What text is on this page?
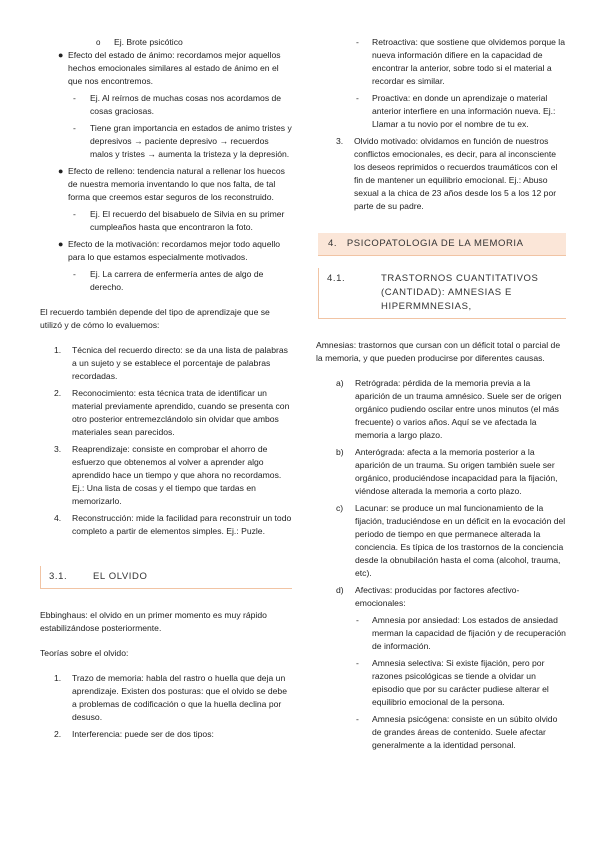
o Ej. Brote psicótico

● Efecto del estado de ánimo: recordamos mejor aquellos hechos emocionales similares al estado de ánimo en el que nos encontremos.

- Ej. Al reírnos de muchas cosas nos acordamos de cosas graciosas.

- Tiene gran importancia en estados de animo tristes y depresivos → paciente depresivo → recuerdos malos y tristes → aumenta la tristeza y la depresión.

● Efecto de relleno: tendencia natural a rellenar los huecos de nuestra memoria inventando lo que nos falta, de tal forma que creemos estar seguros de los reconstruido.

- Ej. El recuerdo del bisabuelo de Silvia en su primer cumpleaños hasta que encontraron la foto.

● Efecto de la motivación: recordamos mejor todo aquello para lo que estamos especialmente motivados.

- Ej. La carrera de enfermería antes de algo de derecho.

El recuerdo también depende del tipo de aprendizaje que se utilizó y de cómo lo evaluemos:

1. Técnica del recuerdo directo: se da una lista de palabras a un sujeto y se establece el porcentaje de palabras recordadas.

2. Reconocimiento: esta técnica trata de identificar un material previamente aprendido, cuando se presenta con otro posterior entremezclándolo sin olvidar que ambos materiales sean parecidos.

3. Reaprendizaje: consiste en comprobar el ahorro de esfuerzo que obtenemos al volver a aprender algo aprendido hace un tiempo y que ahora no recordamos. Ej.: Una lista de cosas y el tiempo que tardas en memorizarlo.

4. Reconstrucción: mide la facilidad para reconstruir un todo completo a partir de elementos simples. Ej.: Puzle.

3.1.	EL OLVIDO

Ebbinghaus: el olvido en un primer momento es muy rápido estabilizándose posteriormente.

Teorías sobre el olvido:

1. Trazo de memoria: habla del rastro o huella que deja un aprendizaje. Existen dos posturas: que el olvido se debe a problemas de codificación o que la huella declina por desuso.

2. Interferencia: puede ser de dos tipos:

- Retroactiva: que sostiene que olvidemos porque la nueva información difiere en la capacidad de encontrar la anterior, sobre todo si el material a recordar es similar.

- Proactiva: en donde un aprendizaje o material anterior interfiere en una información nueva. Ej.: Llamar a tu novio por el nombre de tu ex.

3. Olvido motivado: olvidamos en función de nuestros conflictos emocionales, es decir, para al inconsciente los deseos reprimidos o recuerdos traumáticos con el fin de mantener un equilibrio emocional. Ej.: Abuso sexual a la chica de 23 años desde los 5 a los 12 por parte de su padre.

4. PSICOPATOLOGIA DE LA MEMORIA
4.1.	TRASTORNOS CUANTITATIVOS (CANTIDAD): AMNESIAS E HIPERMMNESIAS,

Amnesias: trastornos que cursan con un déficit total o parcial de la memoria, y que pueden producirse por diferentes causas.

a) Retrógrada: pérdida de la memoria previa a la aparición de un trauma amnésico. Suele ser de origen orgánico pudiendo oscilar entre unos minutos (el más frecuente) o varios años. Aquí se ve afectada la memoria a largo plazo.

b) Anterógrada: afecta a la memoria posterior a la aparición de un trauma. Su origen también suele ser orgánico, produciéndose incapacidad para la fijación, viéndose alterada la memoria a corto plazo.

c) Lacunar: se produce un mal funcionamiento de la fijación, traduciéndose en un déficit en la evocación del periodo de tiempo en que permanece alterada la conciencia. Es típica de los trastornos de la conciencia desde la obnubilación hasta el coma (alcohol, trauma, etc).

d) Afectivas: producidas por factores afectivo-emocionales:

- Amnesia por ansiedad: Los estados de ansiedad merman la capacidad de fijación y de recuperación de información.

- Amnesia selectiva: Si existe fijación, pero por razones psicológicas se tiende a olvidar un episodio que por su carácter pudiese alterar el equilibrio emocional de la persona.

- Amnesia psicógena: consiste en un súbito olvido de grandes áreas de contenido. Suele afectar generalmente a la identidad personal.
